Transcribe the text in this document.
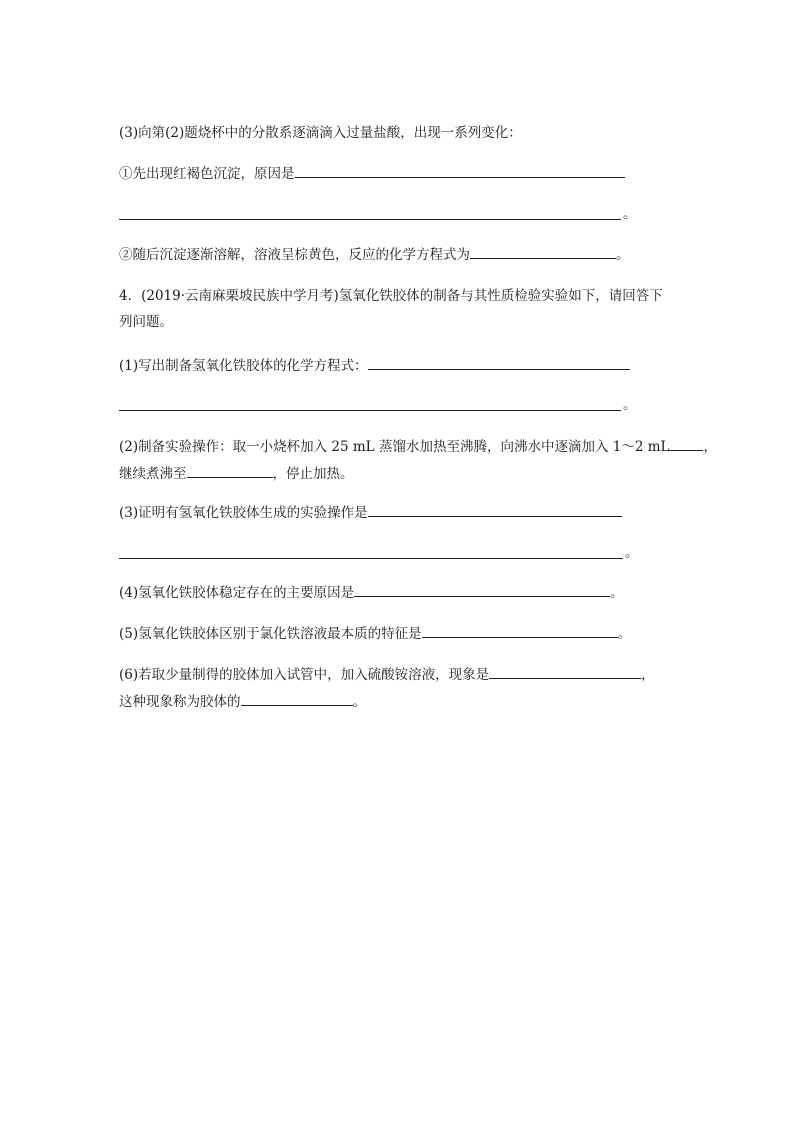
(3)向第(2)题烧杯中的分散系逐滴滴入过量盐酸，出现一系列变化：
①先出现红褐色沉淀，原因是
。
②随后沉淀逐渐溶解，溶液呈棕黄色，反应的化学方程式为	。
4．(2019·云南麻栗坡民族中学月考)氢氧化铁胶体的制备与其性质检验实验如下，请回答下
列问题。
(1)写出制备氢氧化铁胶体的化学方程式：
。
(2)制备实验操作：取一小烧杯加入 25 mL 蒸馏水加热至沸腾，向沸水中逐滴加入 1～2 mL	，
继续煮沸至	，停止加热。
(3)证明有氢氧化铁胶体生成的实验操作是
。
(4)氢氧化铁胶体稳定存在的主要原因是	。
(5)氢氧化铁胶体区别于氯化铁溶液最本质的特征是	。
(6)若取少量制得的胶体加入试管中，加入硫酸铵溶液，现象是	，
这种现象称为胶体的	。
